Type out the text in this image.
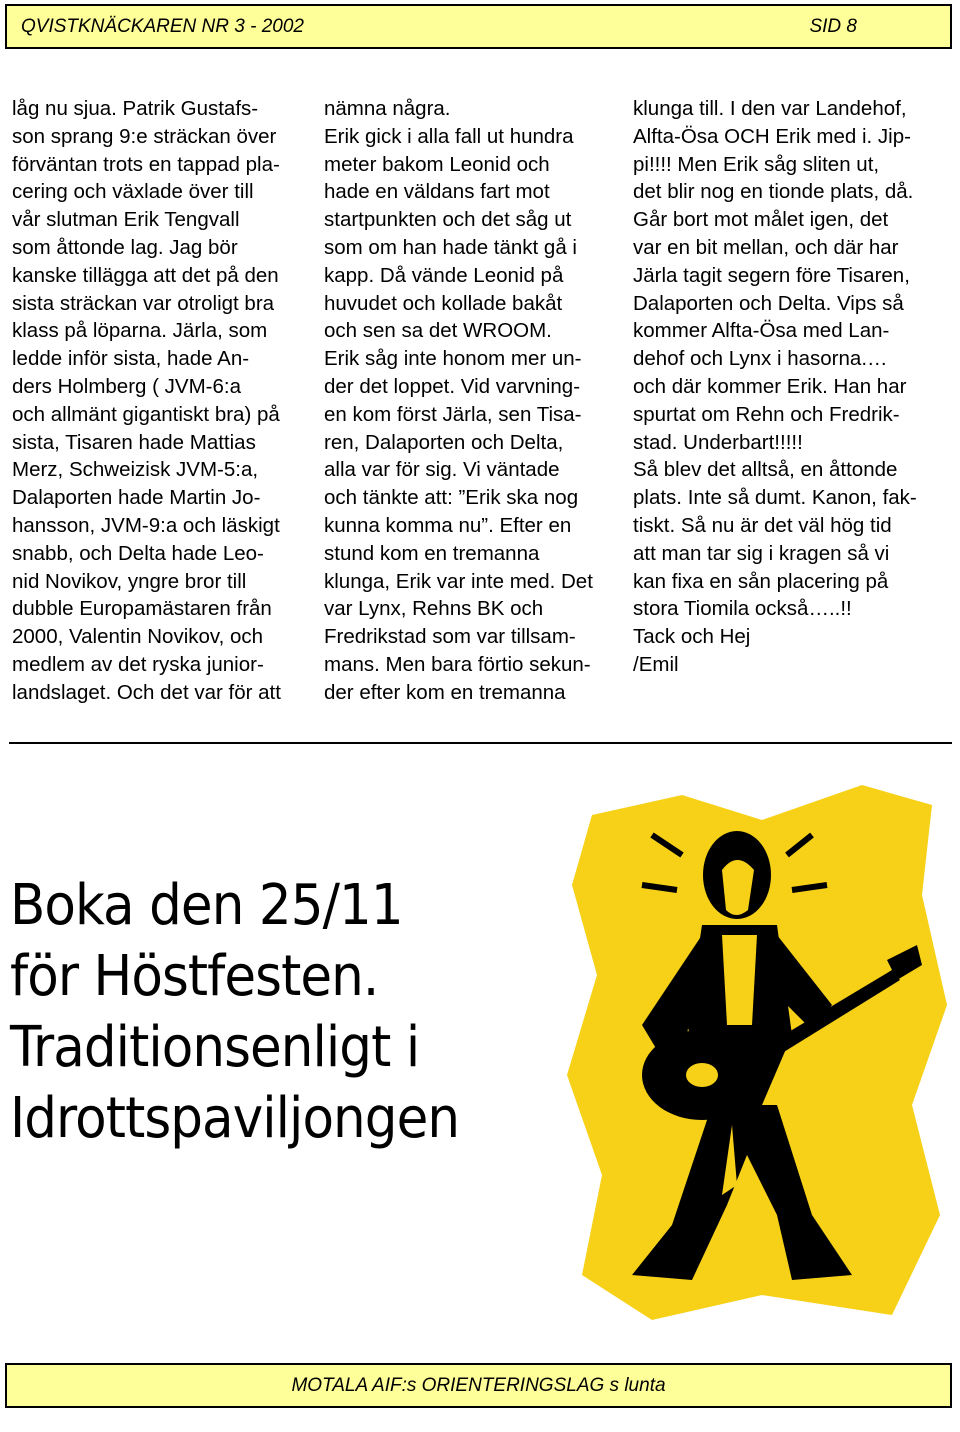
QVISTKNÄCKAREN NR 3 - 2002	SID 8
låg nu sjua. Patrik Gustafs-
son sprang 9:e sträckan över
förväntan trots en tappad pla-
cering och växlade över till
vår slutman Erik Tengvall
som åttonde lag. Jag bör
kanske tillägga att det på den
sista sträckan var otroligt bra
klass på löparna. Järla, som
ledde inför sista, hade An-
ders Holmberg ( JVM-6:a
och allmänt gigantiskt bra) på
sista, Tisaren hade Mattias
Merz, Schweizisk JVM-5:a,
Dalaporten hade Martin Jo-
hansson, JVM-9:a och läskigt
snabb, och Delta hade Leo-
nid Novikov, yngre bror till
dubble Europamästaren från
2000, Valentin Novikov, och
medlem av det ryska junior-
landslaget. Och det var för att
nämna några.
Erik gick i alla fall ut hundra
meter bakom Leonid och
hade en väldans fart mot
startpunkten och det såg ut
som om han hade tänkt gå i
kapp. Då vände Leonid på
huvudet och kollade bakåt
och sen sa det WROOM.
Erik såg inte honom mer un-
der det loppet. Vid varvning-
en kom först Järla, sen Tisa-
ren, Dalaporten och Delta,
alla var för sig. Vi väntade
och tänkte att: ”Erik ska nog
kunna komma nu”. Efter en
stund kom en tremanna
klunga, Erik var inte med. Det
var Lynx, Rehns BK och
Fredrikstad som var tillsam-
mans. Men bara förtio sekun-
der efter kom en tremanna
klunga till. I den var Landehof,
Alfta-Ösa OCH Erik med i. Jip-
pi!!!! Men Erik såg sliten ut,
det blir nog en tionde plats, då.
Går bort mot målet igen, det
var en bit mellan, och där har
Järla tagit segern före Tisaren,
Dalaporten och Delta. Vips så
kommer Alfta-Ösa med Lan-
dehof och Lynx i hasorna.…
och där kommer Erik. Han har
spurtat om Rehn och Fredrik-
stad. Underbart!!!!!
Så blev det alltså, en åttonde
plats. Inte så dumt. Kanon, fak-
tiskt. Så nu är det väl hög tid
att man tar sig i kragen så vi
kan fixa en sån placering på
stora Tiomila också…..!!
Tack och Hej
/Emil
Boka den 25/11
för Höstfesten.
Traditionsenligt i
Idrottspaviljongen
MOTALA AIF:s ORIENTERINGSLAG s lunta
